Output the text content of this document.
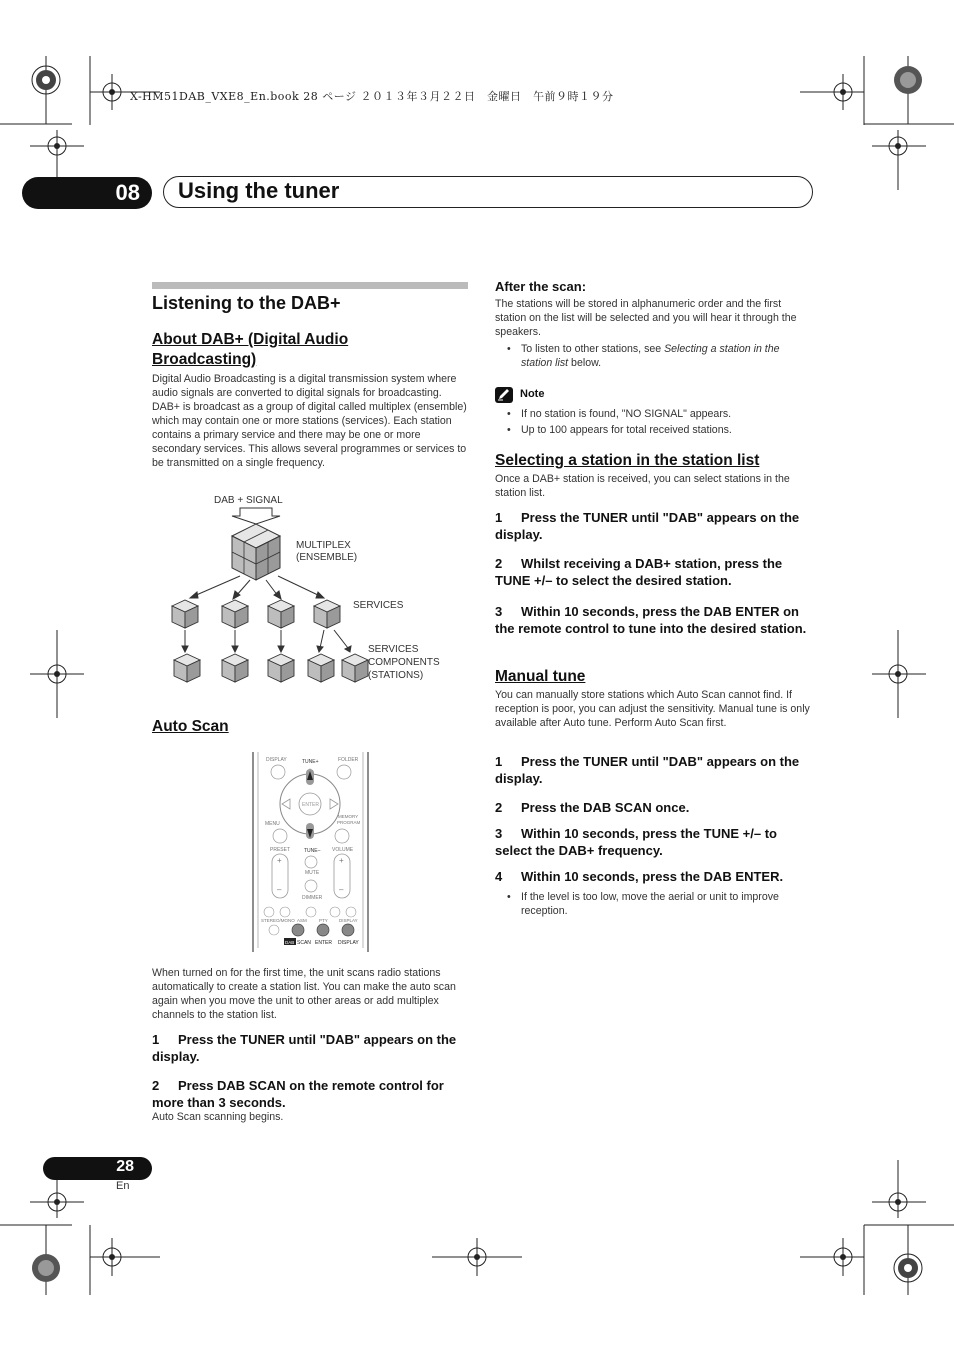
X-HM51DAB_VXE8_En.book 28 ページ ２０１３年３月２２日　金曜日　午前９時１９分
08 Using the tuner
Listening to the DAB+
About DAB+ (Digital Audio
Broadcasting)

Digital Audio Broadcasting is a digital transmission system where audio signals are converted to digital signals for broadcasting. DAB+ is broadcast as a group of digital called multiplex (ensemble) which may contain one or more stations (services). Each station contains a primary service and there may be one or more secondary services. This allows several programmes or services to be transmitted on a single frequency.

DAB + SIGNAL
MULTIPLEX
(ENSEMBLE)
SERVICES
SERVICES
COMPONENTS
(STATIONS)
Auto Scan
DISPLAY	TUNE+	FOLDER
ENTER
MENU
MEMORY
PROGRAM
PRESET	TUNE– VOLUME
+
–
+
–
MUTE
DIMMER
STEREO/MONO ASM	PTY DISPLAY
DAB SCAN ENTER DISPLAY

When turned on for the first time, the unit scans radio stations automatically to create a station list. You can make the auto scan again when you move the unit to other areas or add multiplex channels to the station list.

1 Press the TUNER until "DAB" appears on the display.
2 Press DAB SCAN on the remote control for more than 3 seconds.

Auto Scan scanning begins.

After the scan:

The stations will be stored in alphanumeric order and the first station on the list will be selected and you will hear it through the speakers.

• To listen to other stations, see Selecting a station in the station list below.
Note
• If no station is found, "NO SIGNAL" appears.
• Up to 100 appears for total received stations.
Selecting a station in the station list

Once a DAB+ station is received, you can select stations in the station list.

1 Press the TUNER until "DAB" appears on the display.
2 Whilst receiving a DAB+ station, press the TUNE +/– to select the desired station.
3 Within 10 seconds, press the DAB ENTER on the remote control to tune into the desired station.
Manual tune

You can manually store stations which Auto Scan cannot find. If reception is poor, you can adjust the sensitivity. Manual tune is only available after Auto tune. Perform Auto Scan first.

1 Press the TUNER until "DAB" appears on the display.
2 Press the DAB SCAN once.
3 Within 10 seconds, press the TUNE +/– to select the DAB+ frequency.
4 Within 10 seconds, press the DAB ENTER.
• If the level is too low, move the aerial or unit to improve reception.
28
En
